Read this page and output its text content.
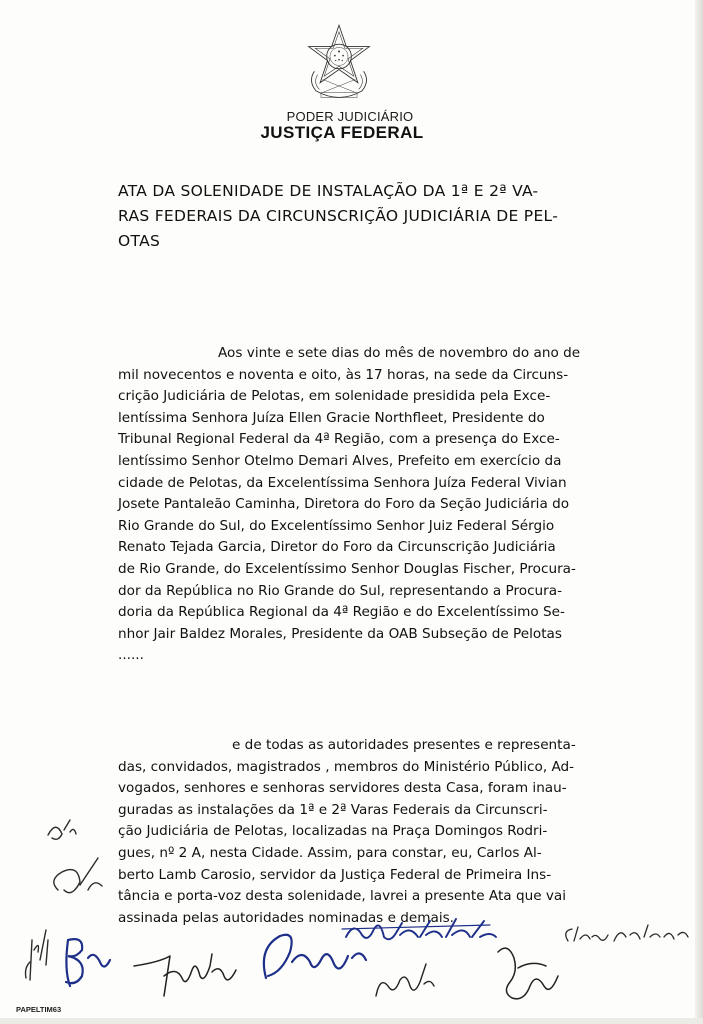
PODER JUDICIÁRIO
JUSTIÇA FEDERAL
ATA DA SOLENIDADE DE INSTALAÇÃO DA 1ª E 2ª VA-
RAS FEDERAIS DA CIRCUNSCRIÇÃO JUDICIÁRIA DE PEL-
OTAS
Aos vinte e sete dias do mês de novembro do ano de
mil novecentos e noventa e oito, às 17 horas, na sede da Circuns-
crição Judiciária de Pelotas, em solenidade presidida pela Exce-
lentíssima Senhora Juíza Ellen Gracie Northfleet, Presidente do
Tribunal Regional Federal da 4ª Região, com a presença do Exce-
lentíssimo Senhor Otelmo Demari Alves, Prefeito em exercício da
cidade de Pelotas, da Excelentíssima Senhora Juíza Federal Vivian
Josete Pantaleão Caminha, Diretora do Foro da Seção Judiciária do
Rio Grande do Sul, do Excelentíssimo Senhor Juiz Federal Sérgio
Renato Tejada Garcia, Diretor do Foro da Circunscrição Judiciária
de Rio Grande, do Excelentíssimo Senhor Douglas Fischer, Procura-
dor da República no Rio Grande do Sul, representando a Procura-
doria da República Regional da 4ª Região e do Excelentíssimo Se-
nhor Jair Baldez Morales, Presidente da OAB Subseção de Pelotas
......
e de todas as autoridades presentes e representa-
das, convidados, magistrados , membros do Ministério Público, Ad-
vogados, senhores e senhoras servidores desta Casa, foram inau-
guradas as instalações da 1ª e 2ª Varas Federais da Circunscri-
ção Judiciária de Pelotas, localizadas na Praça Domingos Rodri-
gues, nº 2 A, nesta Cidade. Assim, para constar, eu, Carlos Al-
berto Lamb Carosio, servidor da Justiça Federal de Primeira Ins-
tância e porta-voz desta solenidade, lavrei a presente Ata que vai
assinada pelas autoridades nominadas e demais.
PAPELTIM63
